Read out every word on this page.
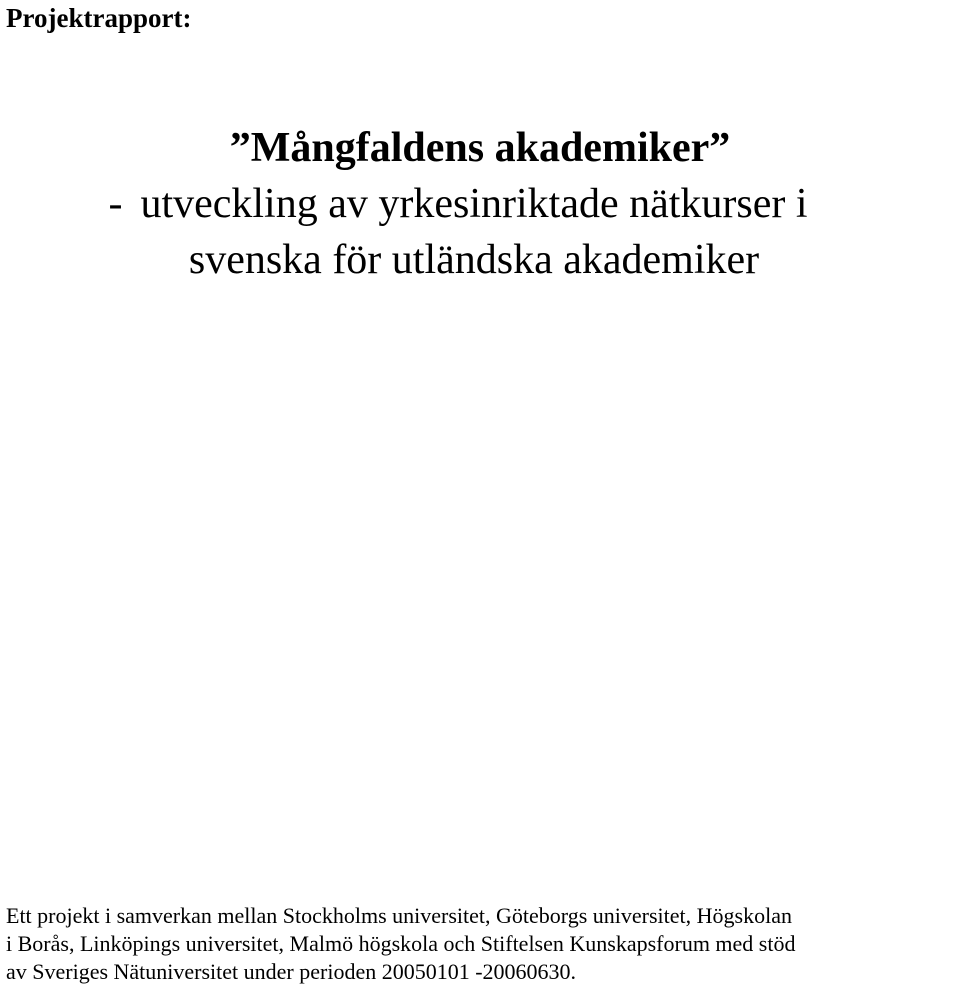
Projektrapport:
”Mångfaldens akademiker”
- utveckling av yrkesinriktade nätkurser i
svenska för utländska akademiker
Ett projekt i samverkan mellan Stockholms universitet, Göteborgs universitet, Högskolan
i Borås, Linköpings universitet, Malmö högskola och Stiftelsen Kunskapsforum med stöd
av Sveriges Nätuniversitet under perioden 20050101 -20060630.
